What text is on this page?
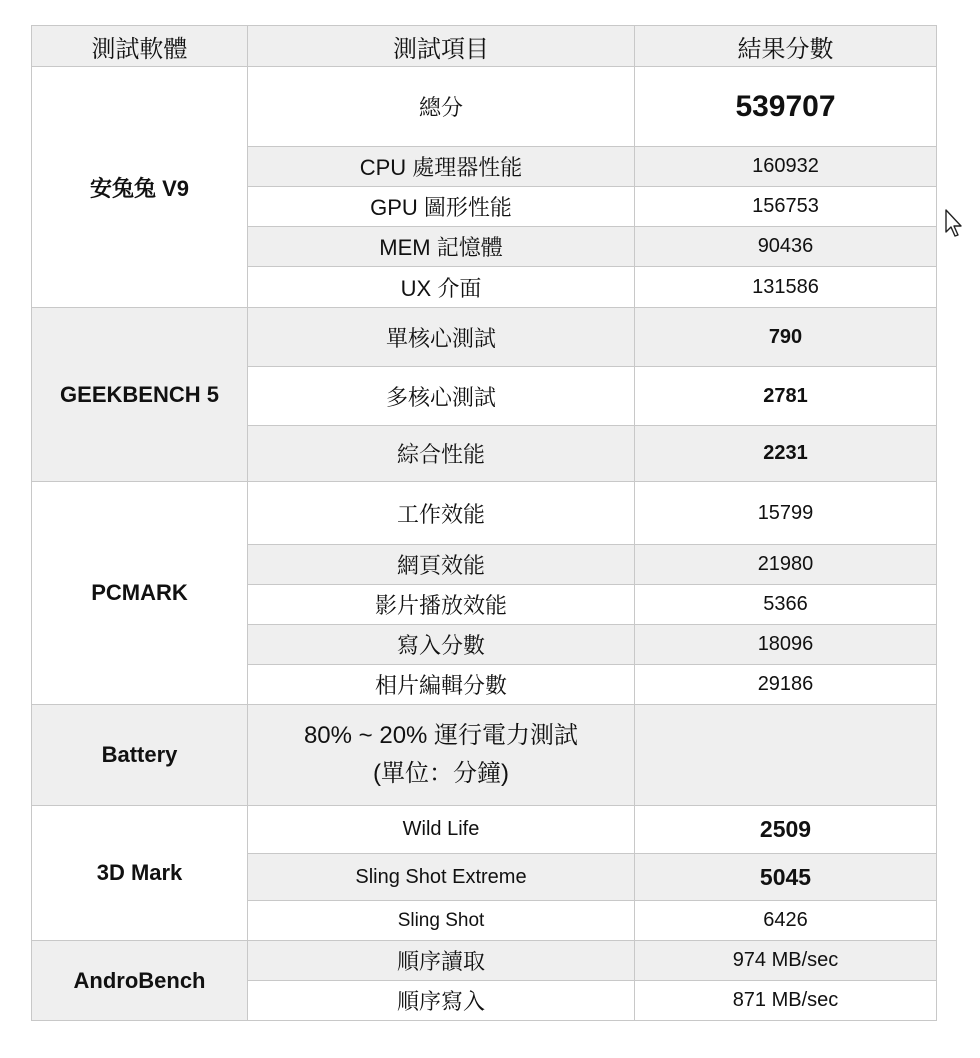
測試軟體	測試項目	結果分數
安兔兔 V9	總分	539707
	CPU 處理器性能	160932
	GPU 圖形性能	156753
	MEM 記憶體	90436
	UX 介面	131586
GEEKBENCH 5	單核心測試	790
	多核心測試	2781
	綜合性能	2231
PCMARK	工作效能	15799
	網頁效能	21980
	影片播放效能	5366
	寫入分數	18096
	相片編輯分數	29186
Battery	80% ~ 20% 運行電力測試
(單位：分鐘)	

3D Mark	Wild Life	2509
	Sling Shot Extreme	5045
	Sling Shot	6426
AndroBench	順序讀取	974 MB/sec
	順序寫入	871 MB/sec
